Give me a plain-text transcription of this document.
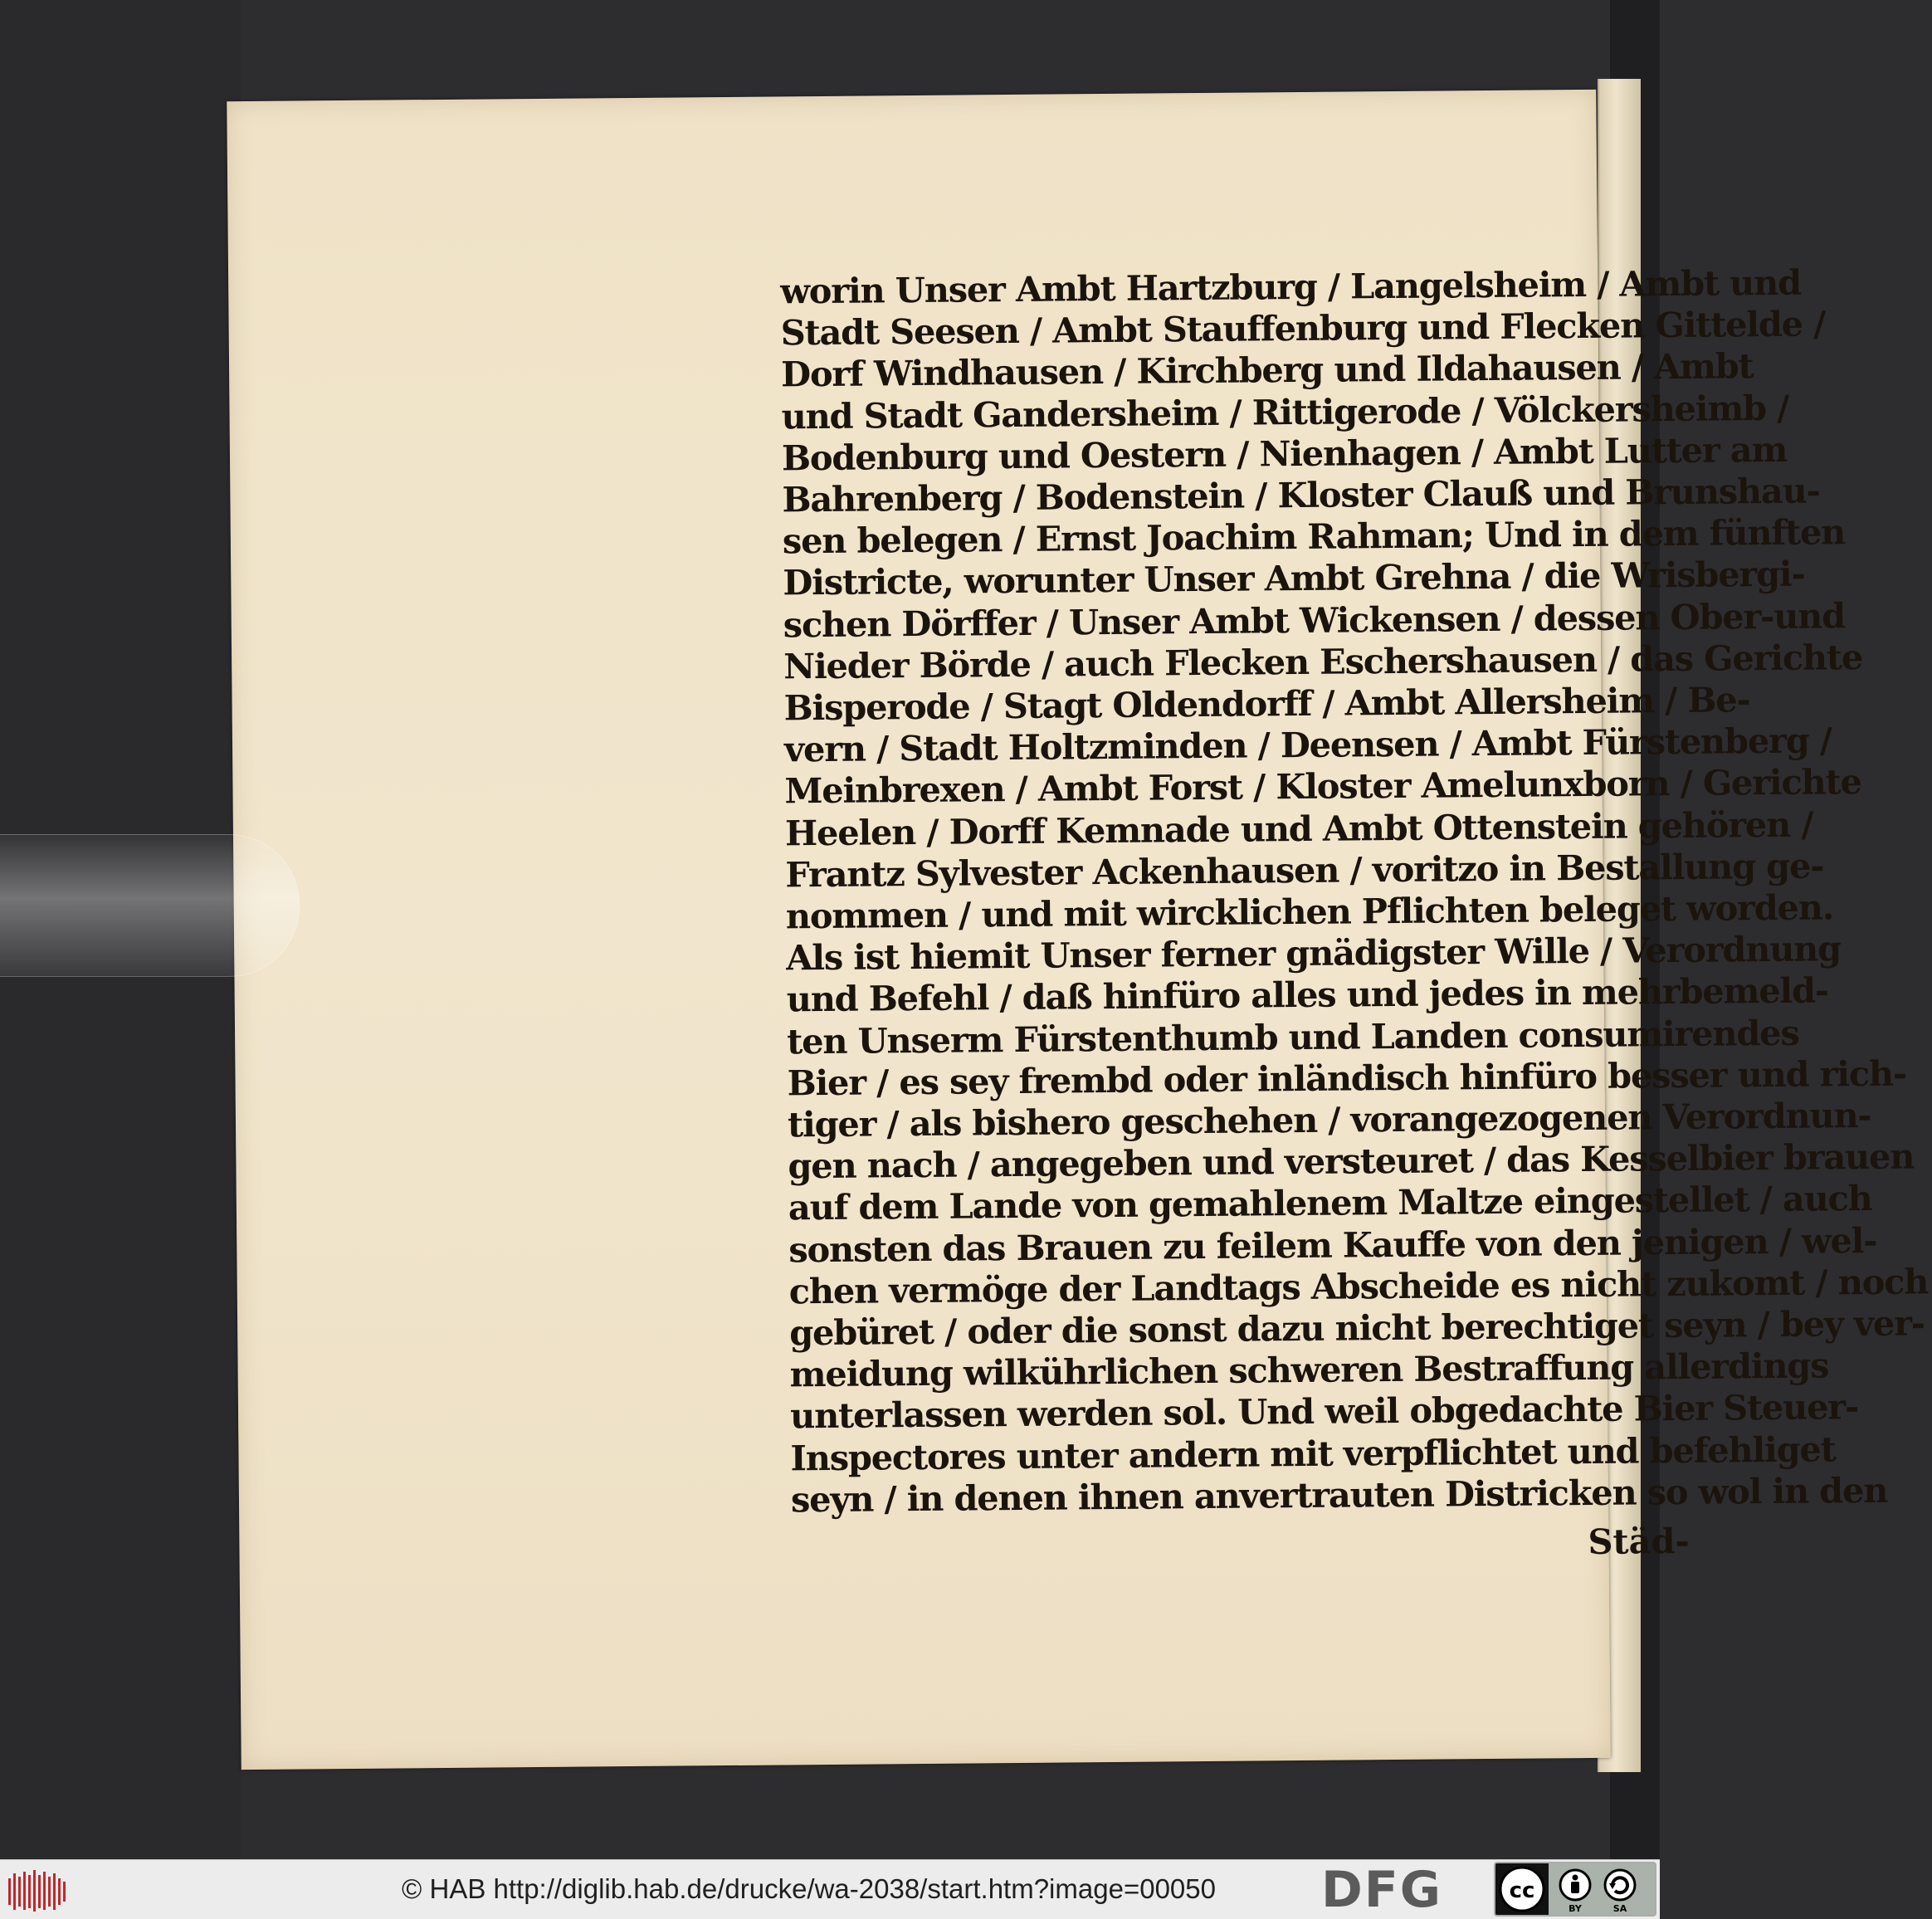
worin Unser Ambt Hartzburg / Langelsheim / Ambt und
Stadt Seesen / Ambt Stauffenburg und Flecken Gittelde /
Dorf Windhausen / Kirchberg und Ildahausen / Ambt
und Stadt Gandersheim / Rittigerode / Völckersheimb /
Bodenburg und Oestern / Nienhagen / Ambt Lutter am
Bahrenberg / Bodenstein / Kloster Clauß und Brunshau-
sen belegen / Ernst Joachim Rahman; Und in dem fünften
Districte, worunter Unser Ambt Grehna / die Wrisbergi-
schen Dörffer / Unser Ambt Wickensen / dessen Ober-und
Nieder Börde / auch Flecken Eschershausen / das Gerichte
Bisperode / Stagt Oldendorff / Ambt Allersheim / Be-
vern / Stadt Holtzminden / Deensen / Ambt Fürstenberg /
Meinbrexen / Ambt Forst / Kloster Amelunxborn / Gerichte
Heelen / Dorff Kemnade und Ambt Ottenstein gehören /
Frantz Sylvester Ackenhausen / voritzo in Bestallung ge-
nommen / und mit wircklichen Pflichten beleget worden.
Als ist hiemit Unser ferner gnädigster Wille / Verordnung
und Befehl / daß hinfüro alles und jedes in mehrbemeld-
ten Unserm Fürstenthumb und Landen consumirendes
Bier / es sey frembd oder inländisch hinfüro besser und rich-
tiger / als bishero geschehen / vorangezogenen Verordnun-
gen nach / angegeben und versteuret / das Kesselbier brauen
auf dem Lande von gemahlenem Maltze eingestellet / auch
sonsten das Brauen zu feilem Kauffe von den jenigen / wel-
chen vermöge der Landtags Abscheide es nicht zukomt / noch
gebüret / oder die sonst dazu nicht berechtiget seyn / bey ver-
meidung wilkührlichen schweren Bestraffung allerdings
unterlassen werden sol. Und weil obgedachte Bier Steuer-
Inspectores unter andern mit verpflichtet und befehliget
seyn / in denen ihnen anvertrauten Districken so wol in den
Städ-
© HAB http://diglib.hab.de/drucke/wa-2038/start.htm?image=00050 DFG	cc
BY	SA
